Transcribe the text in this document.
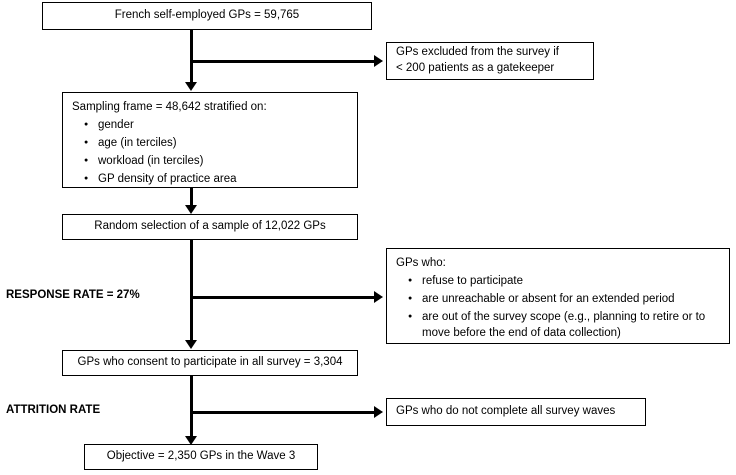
French self-employed GPs = 59,765
GPs excluded from the survey if
< 200 patients as a gatekeeper
Sampling frame = 48,642 stratified on:
● gender
● age (in terciles)
● workload (in terciles)
● GP density of practice area
Random selection of a sample of 12,022 GPs
RESPONSE RATE = 27%
GPs who:
● refuse to participate
● are unreachable or absent for an extended period
● are out of the survey scope (e.g., planning to retire or to move before the end of data collection)
GPs who consent to participate in all survey = 3,304
ATTRITION RATE	GPs who do not complete all survey waves
Objective = 2,350 GPs in the Wave 3
